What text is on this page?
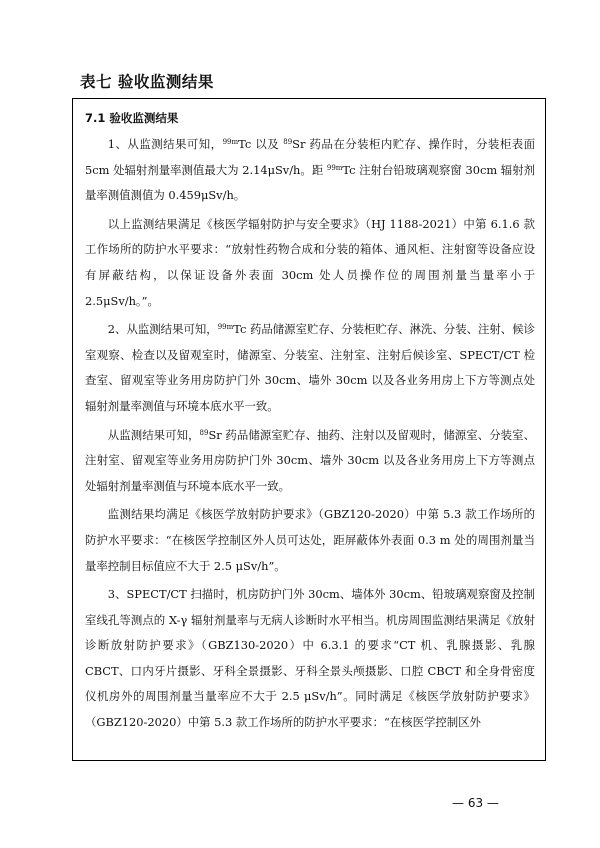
表七 验收监测结果
7.1 验收监测结果

1、从监测结果可知，$^{99m}$Tc 以及 $^{89}$Sr 药品在分装柜内贮存、操作时，分装柜表面5cm 处辐射剂量率测值最大为 2.14μSv/h。距 $^{99m}$Tc 注射台铅玻璃观察窗 30cm 辐射剂量率测值测值为 0.459μSv/h。

以上监测结果满足《核医学辐射防护与安全要求》（HJ 1188-2021）中第 6.1.6 款工作场所的防护水平要求：“放射性药物合成和分装的箱体、通风柜、注射窗等设备应设有屏蔽结构，以保证设备外表面 30cm 处人员操作位的周围剂量当量率小于 2.5μSv/h。”。

2、从监测结果可知，$^{99m}$Tc 药品储源室贮存、分装柜贮存、淋洗、分装、注射、候诊室观察、检查以及留观室时，储源室、分装室、注射室、注射后候诊室、SPECT/CT 检查室、留观室等业务用房防护门外 30cm、墙外 30cm 以及各业务用房上下方等测点处辐射剂量率测值与环境本底水平一致。

从监测结果可知，$^{89}$Sr 药品储源室贮存、抽药、注射以及留观时，储源室、分装室、注射室、留观室等业务用房防护门外 30cm、墙外 30cm 以及各业务用房上下方等测点处辐射剂量率测值与环境本底水平一致。

监测结果均满足《核医学放射防护要求》（GBZ120-2020）中第 5.3 款工作场所的防护水平要求：“在核医学控制区外人员可达处，距屏蔽体外表面 0.3 m 处的周围剂量当量率控制目标值应不大于 2.5 μSv/h”。

3、SPECT/CT 扫描时，机房防护门外 30cm、墙体外 30cm、铅玻璃观察窗及控制室线孔等测点的 X-γ 辐射剂量率与无病人诊断时水平相当。机房周围监测结果满足《放射诊断放射防护要求》（GBZ130-2020）中 6.3.1 的要求“CT 机、乳腺摄影、乳腺 CBCT、口内牙片摄影、牙科全景摄影、牙科全景头颅摄影、口腔 CBCT 和全身骨密度仪机房外的周围剂量当量率应不大于 2.5 μSv/h”。同时满足《核医学放射防护要求》（GBZ120-2020）中第 5.3 款工作场所的防护水平要求：“在核医学控制区外

— 63 —
